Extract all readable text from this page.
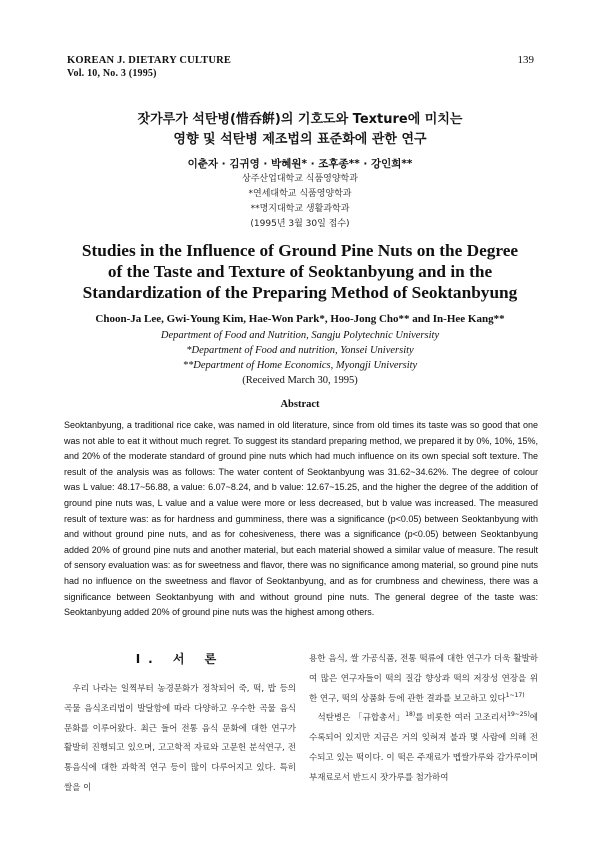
KOREAN J. DIETARY CULTURE
Vol. 10, No. 3 (1995)
139
잣가루가 석탄병(惜呑餠)의 기호도와 Texture에 미치는
영향 및 석탄병 제조법의 표준화에 관한 연구
이춘자 · 김귀영 · 박혜원* · 조후종** · 강인희**
상주산업대학교 식품영양학과
*연세대학교 식품영양학과
**명지대학교 생활과학과
(1995년 3월 30일 접수)
Studies in the Influence of Ground Pine Nuts on the Degree
of the Taste and Texture of Seoktanbyung and in the
Standardization of the Preparing Method of Seoktanbyung
Choon-Ja Lee, Gwi-Young Kim, Hae-Won Park*, Hoo-Jong Cho** and In-Hee Kang**
Department of Food and Nutrition, Sangju Polytechnic University
*Department of Food and nutrition, Yonsei University
**Department of Home Economics, Myongji University
(Received March 30, 1995)
Abstract
Seoktanbyung, a traditional rice cake, was named in old literature, since from old times its taste was so good that one was not able to eat it without much regret. To suggest its standard preparing method, we prepared it by 0%, 10%, 15%, and 20% of the moderate standard of ground pine nuts which had much influence on its own special soft texture. The result of the analysis was as follows: The water content of Seoktanbyung was 31.62~34.62%. The degree of colour was L value: 48.17~56.88, a value: 6.07~8.24, and b value: 12.67~15.25, and the higher the degree of the addition of ground pine nuts was, L value and a value were more or less decreased, but b value was increased. The measured result of texture was: as for hardness and gumminess, there was a significance (p<0.05) between Seoktanbyung with and without ground pine nuts, and as for cohesiveness, there was a significance (p<0.05) between Seoktanbyung added 20% of ground pine nuts and another material, but each material showed a similar value of measure. The result of sensory evaluation was: as for sweetness and flavor, there was no significance among material, so ground pine nuts had no influence on the sweetness and flavor of Seoktanbyung, and as for crumbness and chewiness, there was a significance between Seoktanbyung with and without ground pine nuts. The general degree of the taste was: Seoktanbyung added 20% of ground pine nuts was the highest among others.
I. 서 론

우리 나라는 일찍부터 농경문화가 정착되어 죽, 떡, 밥 등의 곡물 음식조리법이 발달함에 따라 다양하고 우수한 곡물 음식문화를 이루어왔다. 최근 들어 전통 음식 문화에 대한 연구가 활발히 진행되고 있으며, 고고학적 자료와 고문헌 분석연구, 전통음식에 대한 과학적 연구 등이 많이 다루어지고 있다. 특히 쌀을 이

용한 음식, 쌀 가공식품, 전통 떡류에 대한 연구가 더욱 활발하여 많은 연구자들이 떡의 질감 향상과 떡의 저장성 연장을 위한 연구, 떡의 상품화 등에 관한 결과를 보고하고 있다$^{1\sim 17)}$

석탄병은 「규합총서」$^{18)}$를 비롯한 여러 고조리서$^{19\sim 25)}$에 수록되어 있지만 지금은 거의 잊혀져 불과 몇 사람에 의해 전수되고 있는 떡이다. 이 떡은 주재료가 멥쌀가루와 감가루이며 부재료로서 반드시 잣가루를 첨가하여
